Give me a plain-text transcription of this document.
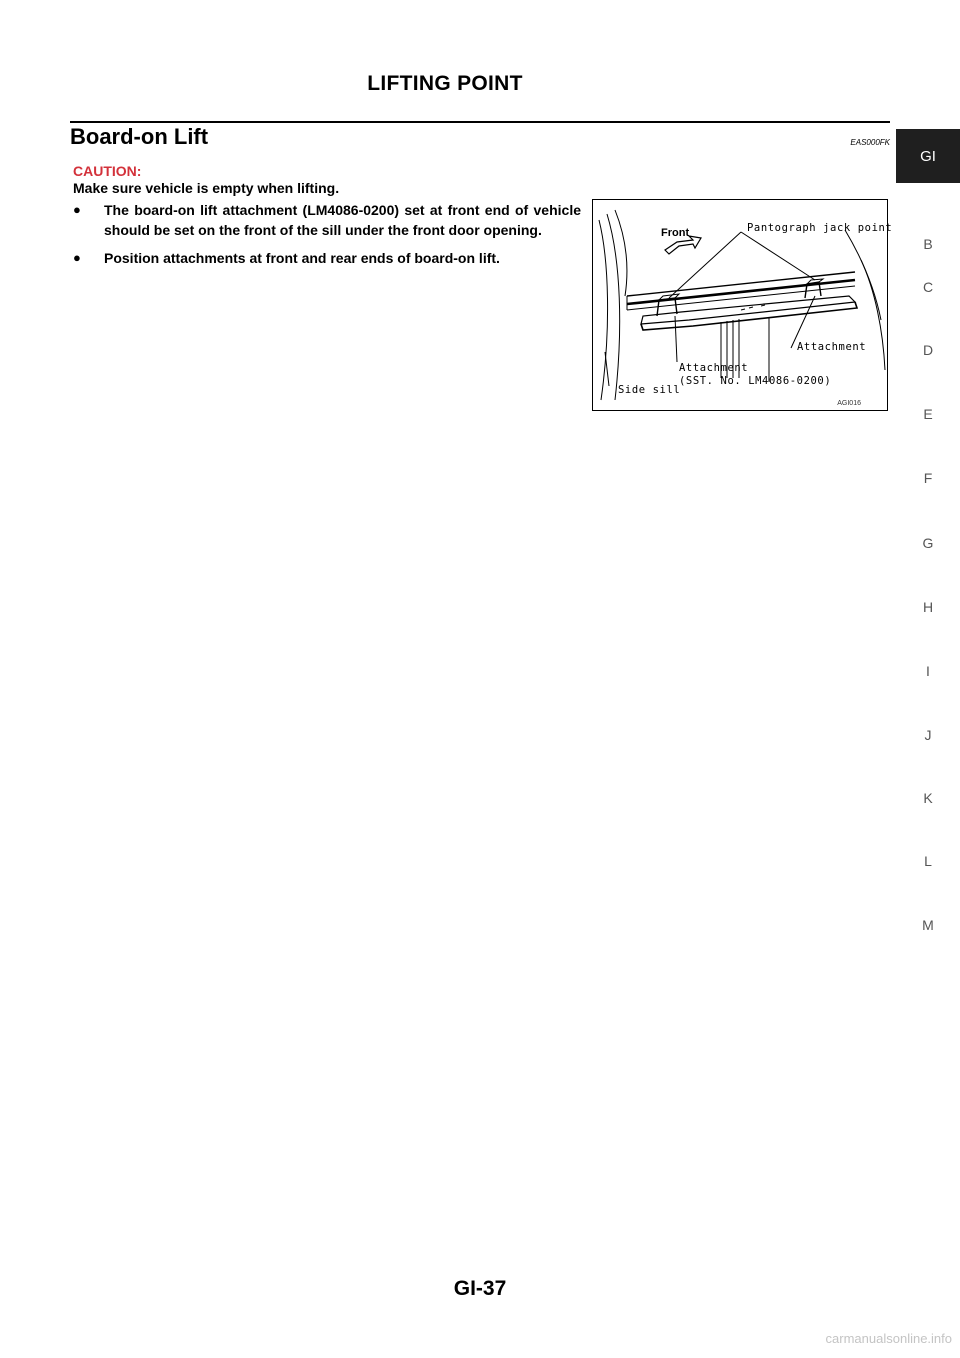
LIFTING POINT
Board-on Lift	EAS000FK
CAUTION:
Make sure vehicle is empty when lifting.
● The board-on lift attachment (LM4086-0200) set at front end of vehicle should be set on the front of the sill under the front door opening.
● Position attachments at front and rear ends of board-on lift.
Front	Pantograph jack point
Attachment
Attachment
(SST. No. LM4086-0200)
Side sill
AGI016
GI
B
C
D
E
F
G
H
I
J
K
L
M
GI-37
carmanualsonline.info
